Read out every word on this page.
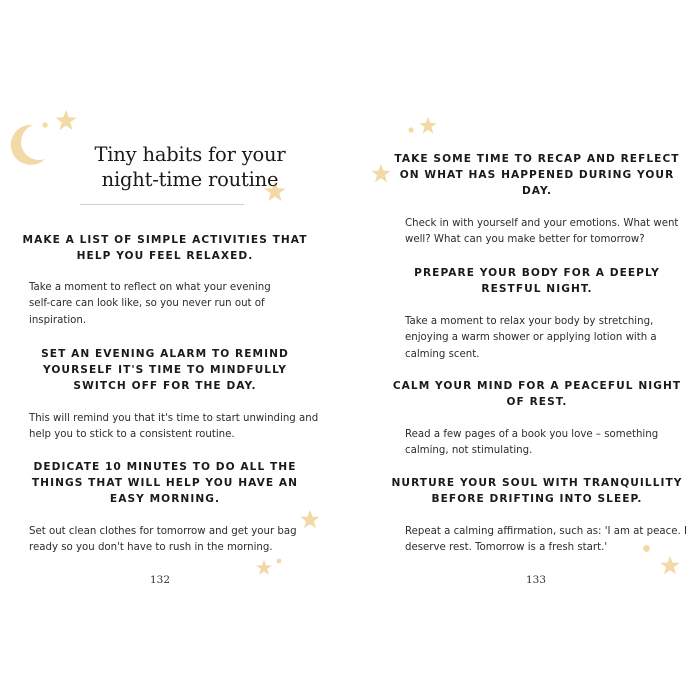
Tiny habits for your
night-time routine
MAKE A LIST OF SIMPLE ACTIVITIES THAT
HELP YOU FEEL RELAXED.
Take a moment to reflect on what your evening
self-care can look like, so you never run out of
inspiration.
SET AN EVENING ALARM TO REMIND
YOURSELF IT'S TIME TO MINDFULLY
SWITCH OFF FOR THE DAY.
This will remind you that it's time to start unwinding and
help you to stick to a consistent routine.
DEDICATE 10 MINUTES TO DO ALL THE
THINGS THAT WILL HELP YOU HAVE AN
EASY MORNING.
Set out clean clothes for tomorrow and get your bag
ready so you don't have to rush in the morning.
132
TAKE SOME TIME TO RECAP AND REFLECT
ON WHAT HAS HAPPENED DURING YOUR
DAY.
Check in with yourself and your emotions. What went
well? What can you make better for tomorrow?
PREPARE YOUR BODY FOR A DEEPLY
RESTFUL NIGHT.
Take a moment to relax your body by stretching,
enjoying a warm shower or applying lotion with a
calming scent.
CALM YOUR MIND FOR A PEACEFUL NIGHT
OF REST.
Read a few pages of a book you love – something
calming, not stimulating.
NURTURE YOUR SOUL WITH TRANQUILLITY
BEFORE DRIFTING INTO SLEEP.
Repeat a calming affirmation, such as: 'I am at peace. I
deserve rest. Tomorrow is a fresh start.'
133
